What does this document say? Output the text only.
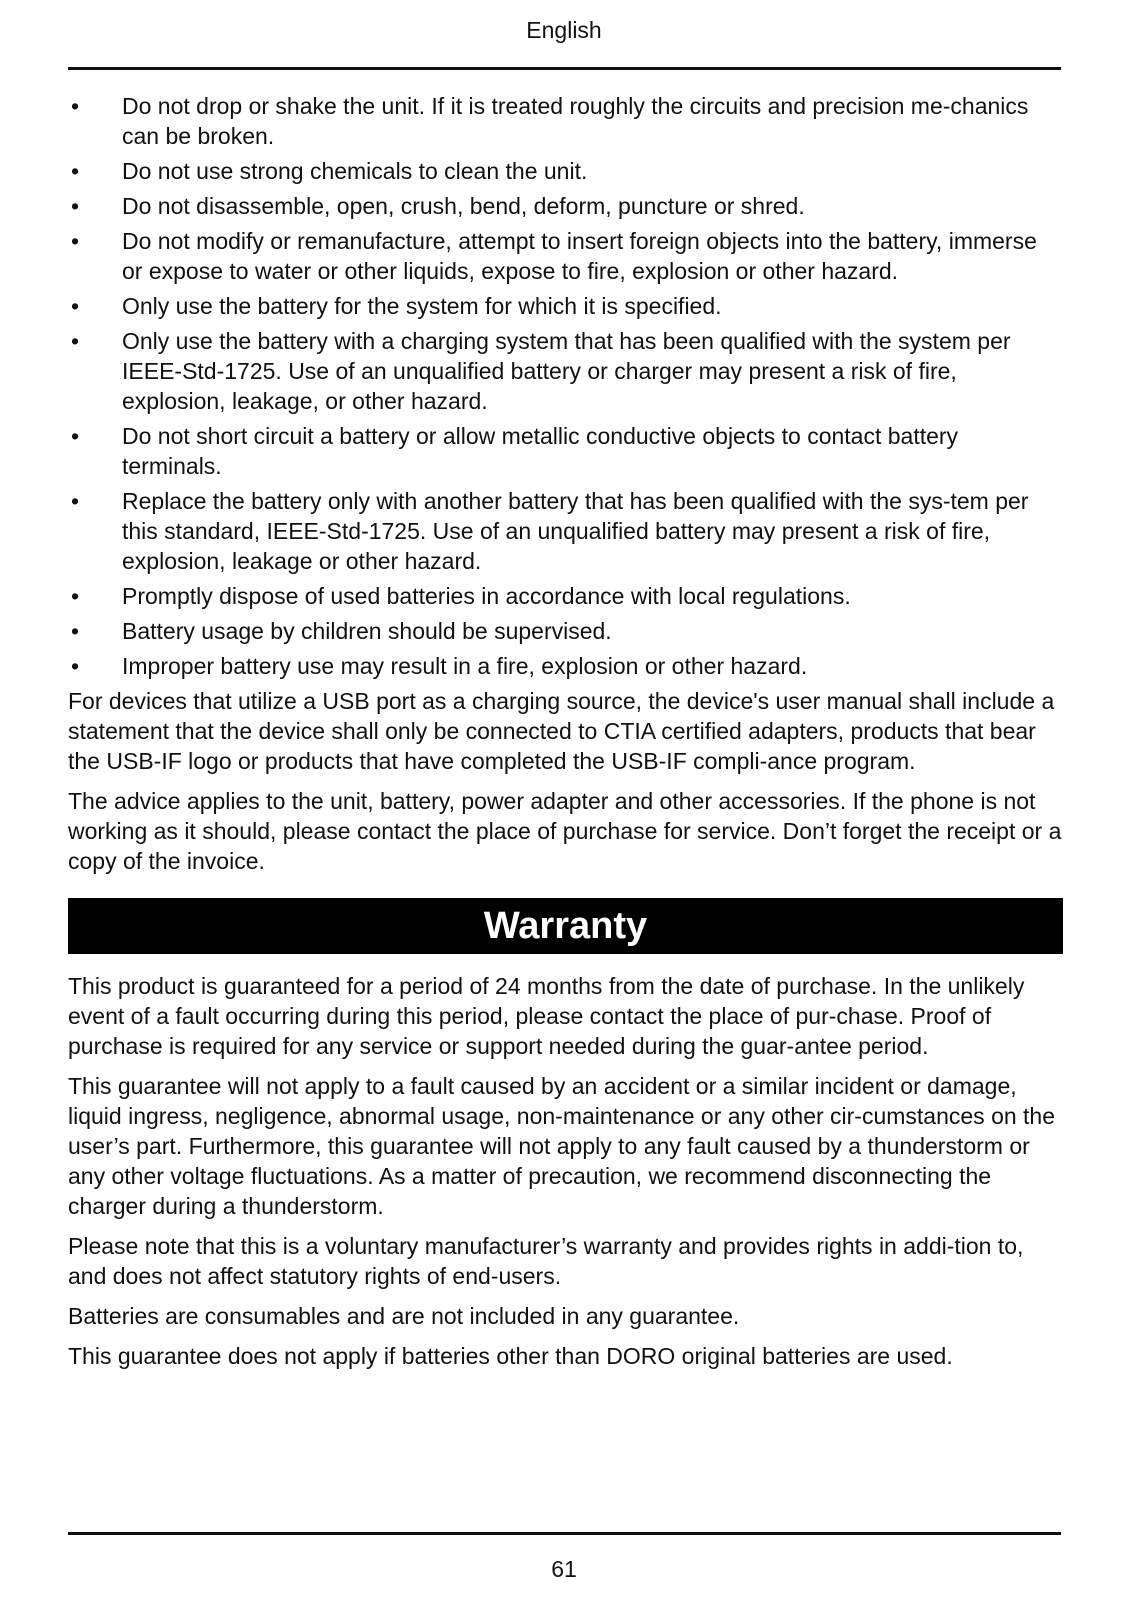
English
• Do not drop or shake the unit. If it is treated roughly the circuits and precision me-chanics can be broken.
• Do not use strong chemicals to clean the unit.
• Do not disassemble, open, crush, bend, deform, puncture or shred.
• Do not modify or remanufacture, attempt to insert foreign objects into the battery, immerse or expose to water or other liquids, expose to fire, explosion or other hazard.
• Only use the battery for the system for which it is specified.
• Only use the battery with a charging system that has been qualified with the system per IEEE-Std-1725. Use of an unqualified battery or charger may present a risk of fire, explosion, leakage, or other hazard.
• Do not short circuit a battery or allow metallic conductive objects to contact battery terminals.
• Replace the battery only with another battery that has been qualified with the sys-tem per this standard, IEEE-Std-1725. Use of an unqualified battery may present a risk of fire, explosion, leakage or other hazard.
• Promptly dispose of used batteries in accordance with local regulations.
• Battery usage by children should be supervised.
• Improper battery use may result in a fire, explosion or other hazard.

For devices that utilize a USB port as a charging source, the device's user manual shall include a statement that the device shall only be connected to CTIA certified adapters, products that bear the USB-IF logo or products that have completed the USB-IF compli-ance program.

The advice applies to the unit, battery, power adapter and other accessories. If the phone is not working as it should, please contact the place of purchase for service. Don’t forget the receipt or a copy of the invoice.

Warranty

This product is guaranteed for a period of 24 months from the date of purchase. In the unlikely event of a fault occurring during this period, please contact the place of pur-chase. Proof of purchase is required for any service or support needed during the guar-antee period.

This guarantee will not apply to a fault caused by an accident or a similar incident or damage, liquid ingress, negligence, abnormal usage, non-maintenance or any other cir-cumstances on the user’s part. Furthermore, this guarantee will not apply to any fault caused by a thunderstorm or any other voltage fluctuations. As a matter of precaution, we recommend disconnecting the charger during a thunderstorm.

Please note that this is a voluntary manufacturer’s warranty and provides rights in addi-tion to, and does not affect statutory rights of end-users.

Batteries are consumables and are not included in any guarantee.

This guarantee does not apply if batteries other than DORO original batteries are used.

61
